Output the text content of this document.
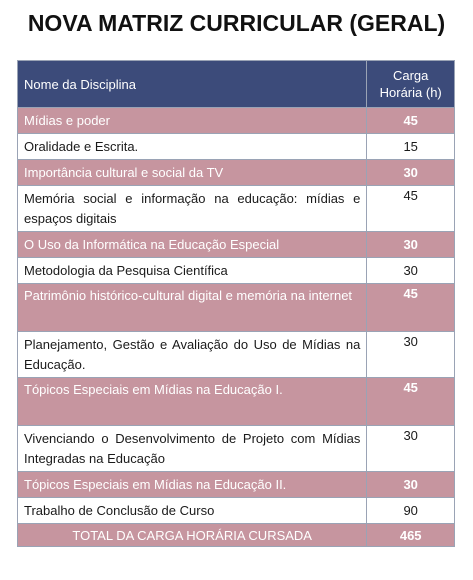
NOVA MATRIZ CURRICULAR (GERAL)
Nome da Disciplina	Carga Horária (h)
Mídias e poder	45
Oralidade e Escrita.	15
Importância cultural e social da TV	30
Memória social e informação na educação: mídias e espaços digitais	45
O Uso da Informática na Educação Especial	30
Metodologia da Pesquisa Científica	30
Patrimônio histórico-cultural digital e memória na internet	45
Planejamento, Gestão e Avaliação do Uso de Mídias na Educação.	30
Tópicos Especiais em Mídias na Educação I.	45
Vivenciando o Desenvolvimento de Projeto com Mídias Integradas na Educação	30
Tópicos Especiais em Mídias na Educação II.	30
Trabalho de Conclusão de Curso	90
TOTAL DA CARGA HORÁRIA CURSADA	465
